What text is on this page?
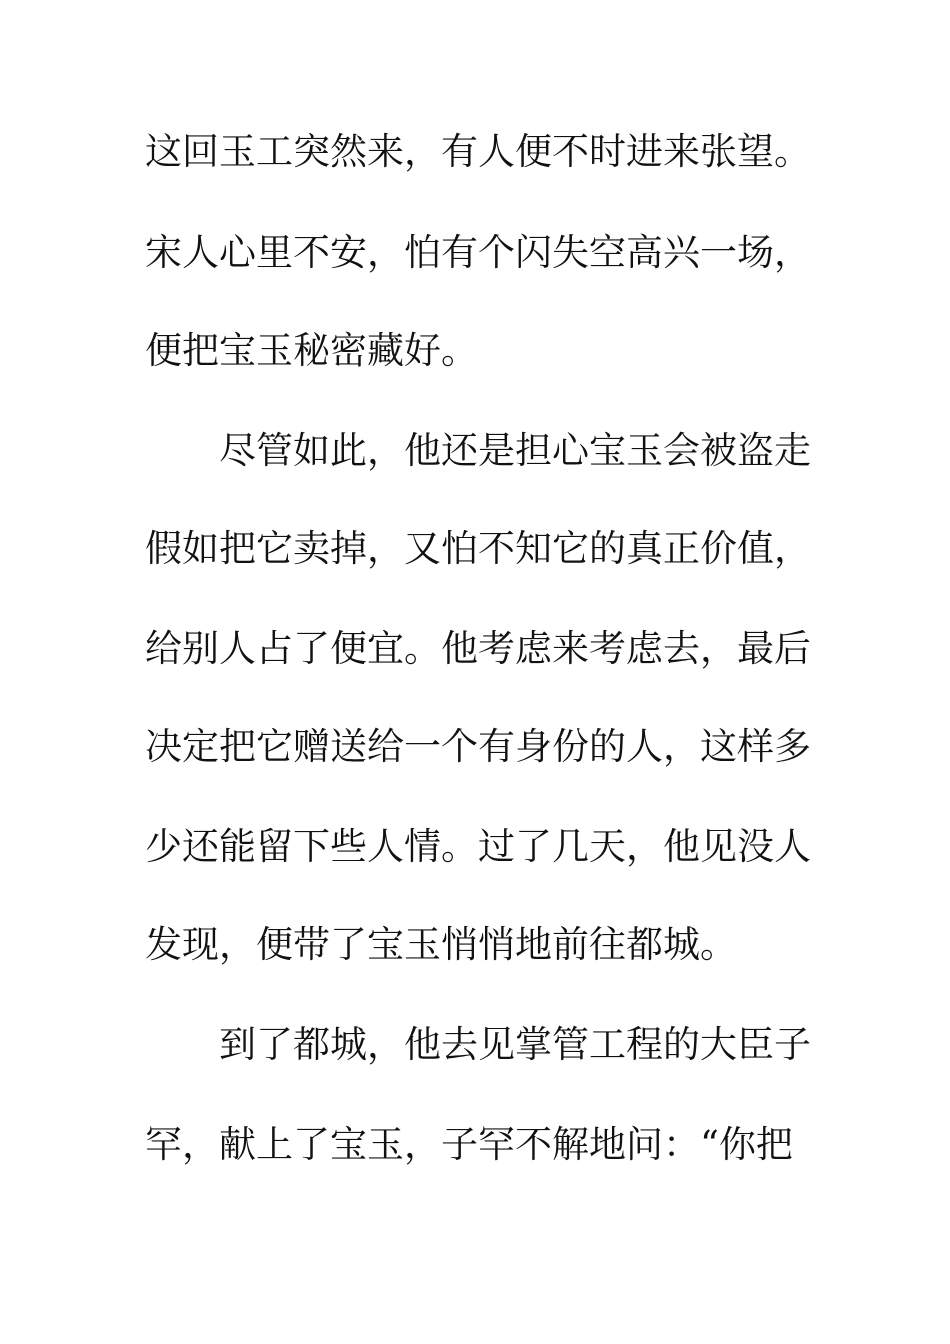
这回玉工突然来，有人便不时进来张望。
宋人心里不安，怕有个闪失空高兴一场，
便把宝玉秘密藏好。
尽管如此，他还是担心宝玉会被盗走
假如把它卖掉，又怕不知它的真正价值，
给别人占了便宜。他考虑来考虑去，最后
决定把它赠送给一个有身份的人，这样多
少还能留下些人情。过了几天，他见没人
发现，便带了宝玉悄悄地前往都城。
到了都城，他去见掌管工程的大臣子
罕，献上了宝玉，子罕不解地问：“你把
